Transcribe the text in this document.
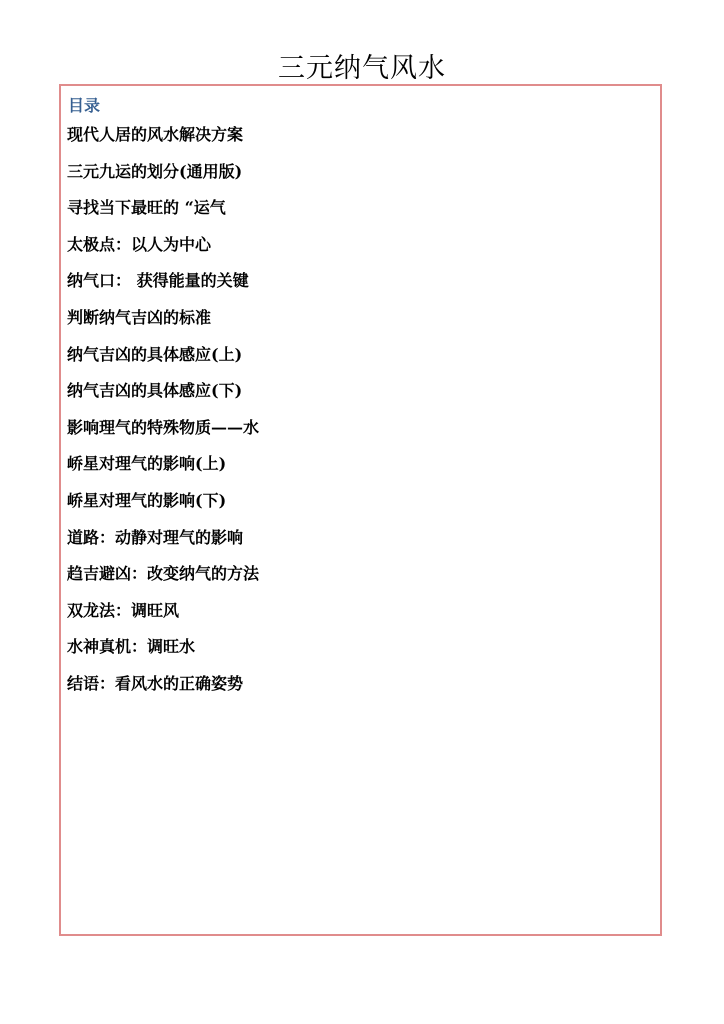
三元纳气风水
目录
现代人居的风水解决方案
三元九运的划分(通用版)
寻找当下最旺的 “运气
太极点：以人为中心
纳气口： 获得能量的关键
判断纳气吉凶的标准
纳气吉凶的具体感应(上)
纳气吉凶的具体感应(下)
影响理气的特殊物质——水
峤星对理气的影响(上)
峤星对理气的影响(下)
道路：动静对理气的影响
趋吉避凶：改变纳气的方法
双龙法：调旺风
水神真机：调旺水
结语：看风水的正确姿势
